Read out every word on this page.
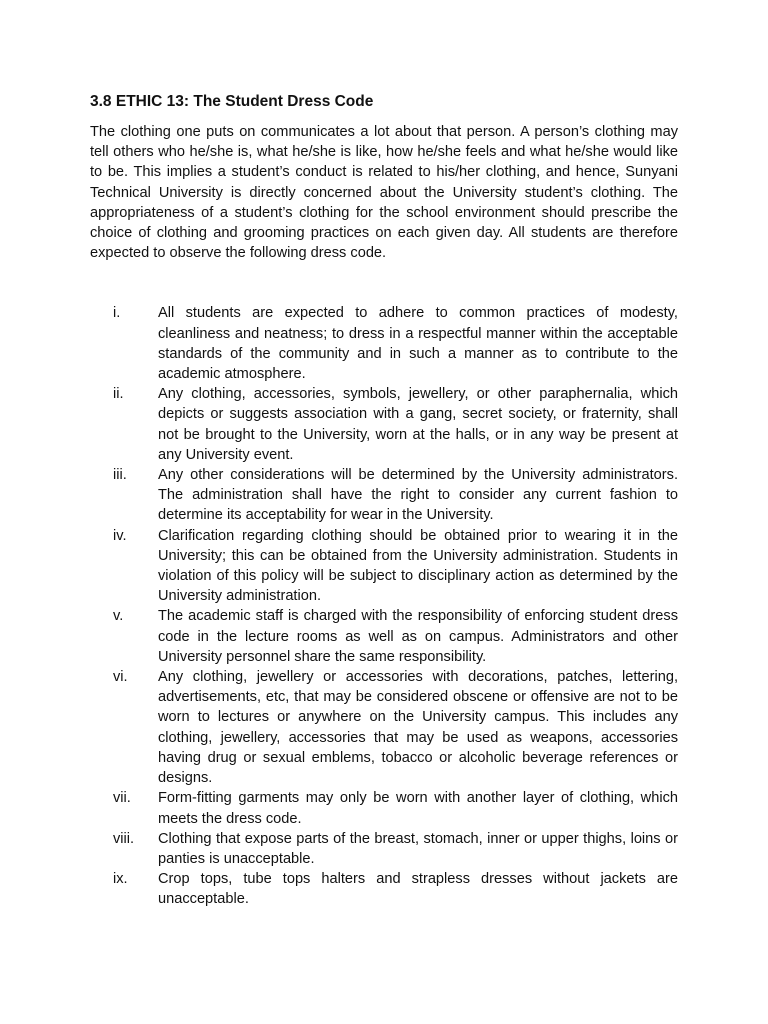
3.8 ETHIC 13: The Student Dress Code

The clothing one puts on communicates a lot about that person. A person’s clothing may tell others who he/she is, what he/she is like, how he/she feels and what he/she would like to be. This implies a student’s conduct is related to his/her clothing, and hence, Sunyani Technical University is directly concerned about the University student’s clothing. The appropriateness of a student’s clothing for the school environment should prescribe the choice of clothing and grooming practices on each given day. All students are therefore expected to observe the following dress code.

i.	All students are expected to adhere to common practices of modesty, cleanliness and neatness; to dress in a respectful manner within the acceptable standards of the community and in such a manner as to contribute to the academic atmosphere.
ii.	Any clothing, accessories, symbols, jewellery, or other paraphernalia, which depicts or suggests association with a gang, secret society, or fraternity, shall not be brought to the University, worn at the halls, or in any way be present at any University event.
iii.	Any other considerations will be determined by the University administrators. The administration shall have the right to consider any current fashion to determine its acceptability for wear in the University.
iv.	Clarification regarding clothing should be obtained prior to wearing it in the University; this can be obtained from the University administration. Students in violation of this policy will be subject to disciplinary action as determined by the University administration.
v.	The academic staff is charged with the responsibility of enforcing student dress code in the lecture rooms as well as on campus. Administrators and other University personnel share the same responsibility.
vi.	Any clothing, jewellery or accessories with decorations, patches, lettering, advertisements, etc, that may be considered obscene or offensive are not to be worn to lectures or anywhere on the University campus. This includes any clothing, jewellery, accessories that may be used as weapons, accessories having drug or sexual emblems, tobacco or alcoholic beverage references or designs.
vii.	Form-fitting garments may only be worn with another layer of clothing, which meets the dress code.
viii.	Clothing that expose parts of the breast, stomach, inner or upper thighs, loins or panties is unacceptable.
ix.	Crop tops, tube tops halters and strapless dresses without jackets are unacceptable.
